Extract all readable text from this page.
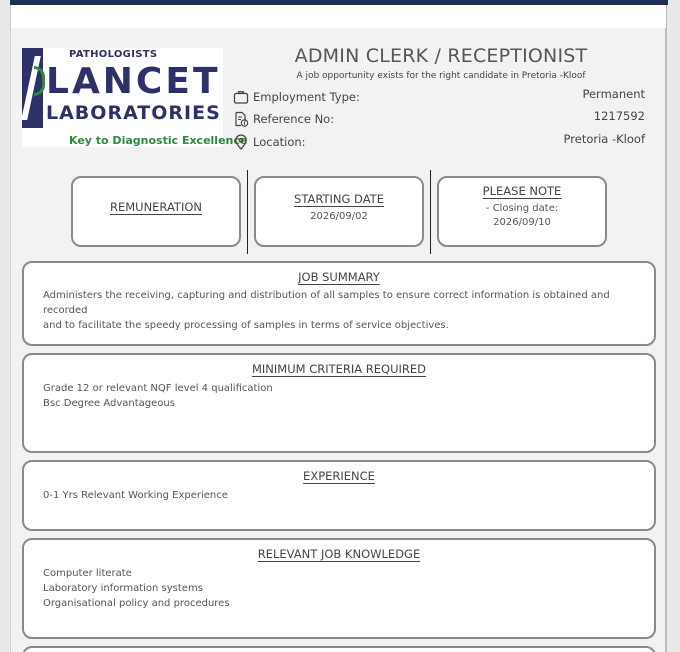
PATHOLOGISTS
LANCET
LABORATORIES
Key to Diagnostic Excellence
ADMIN CLERK / RECEPTIONIST
A job opportunity exists for the right candidate in Pretoria -Kloof
Employment Type:	Permanent
Reference No:	1217592
Location:	Pretoria -Kloof
REMUNERATION
STARTING DATE
2026/09/02
PLEASE NOTE
- Closing date:
2026/09/10
JOB SUMMARY
Administers the receiving, capturing and distribution of all samples to ensure correct information is obtained and recorded
and to facilitate the speedy processing of samples in terms of service objectives.
MINIMUM CRITERIA REQUIRED
Grade 12 or relevant NQF level 4 qualification
Bsc Degree Advantageous
EXPERIENCE
0-1 Yrs Relevant Working Experience
RELEVANT JOB KNOWLEDGE
Computer literate
Laboratory information systems
Organisational policy and procedures
